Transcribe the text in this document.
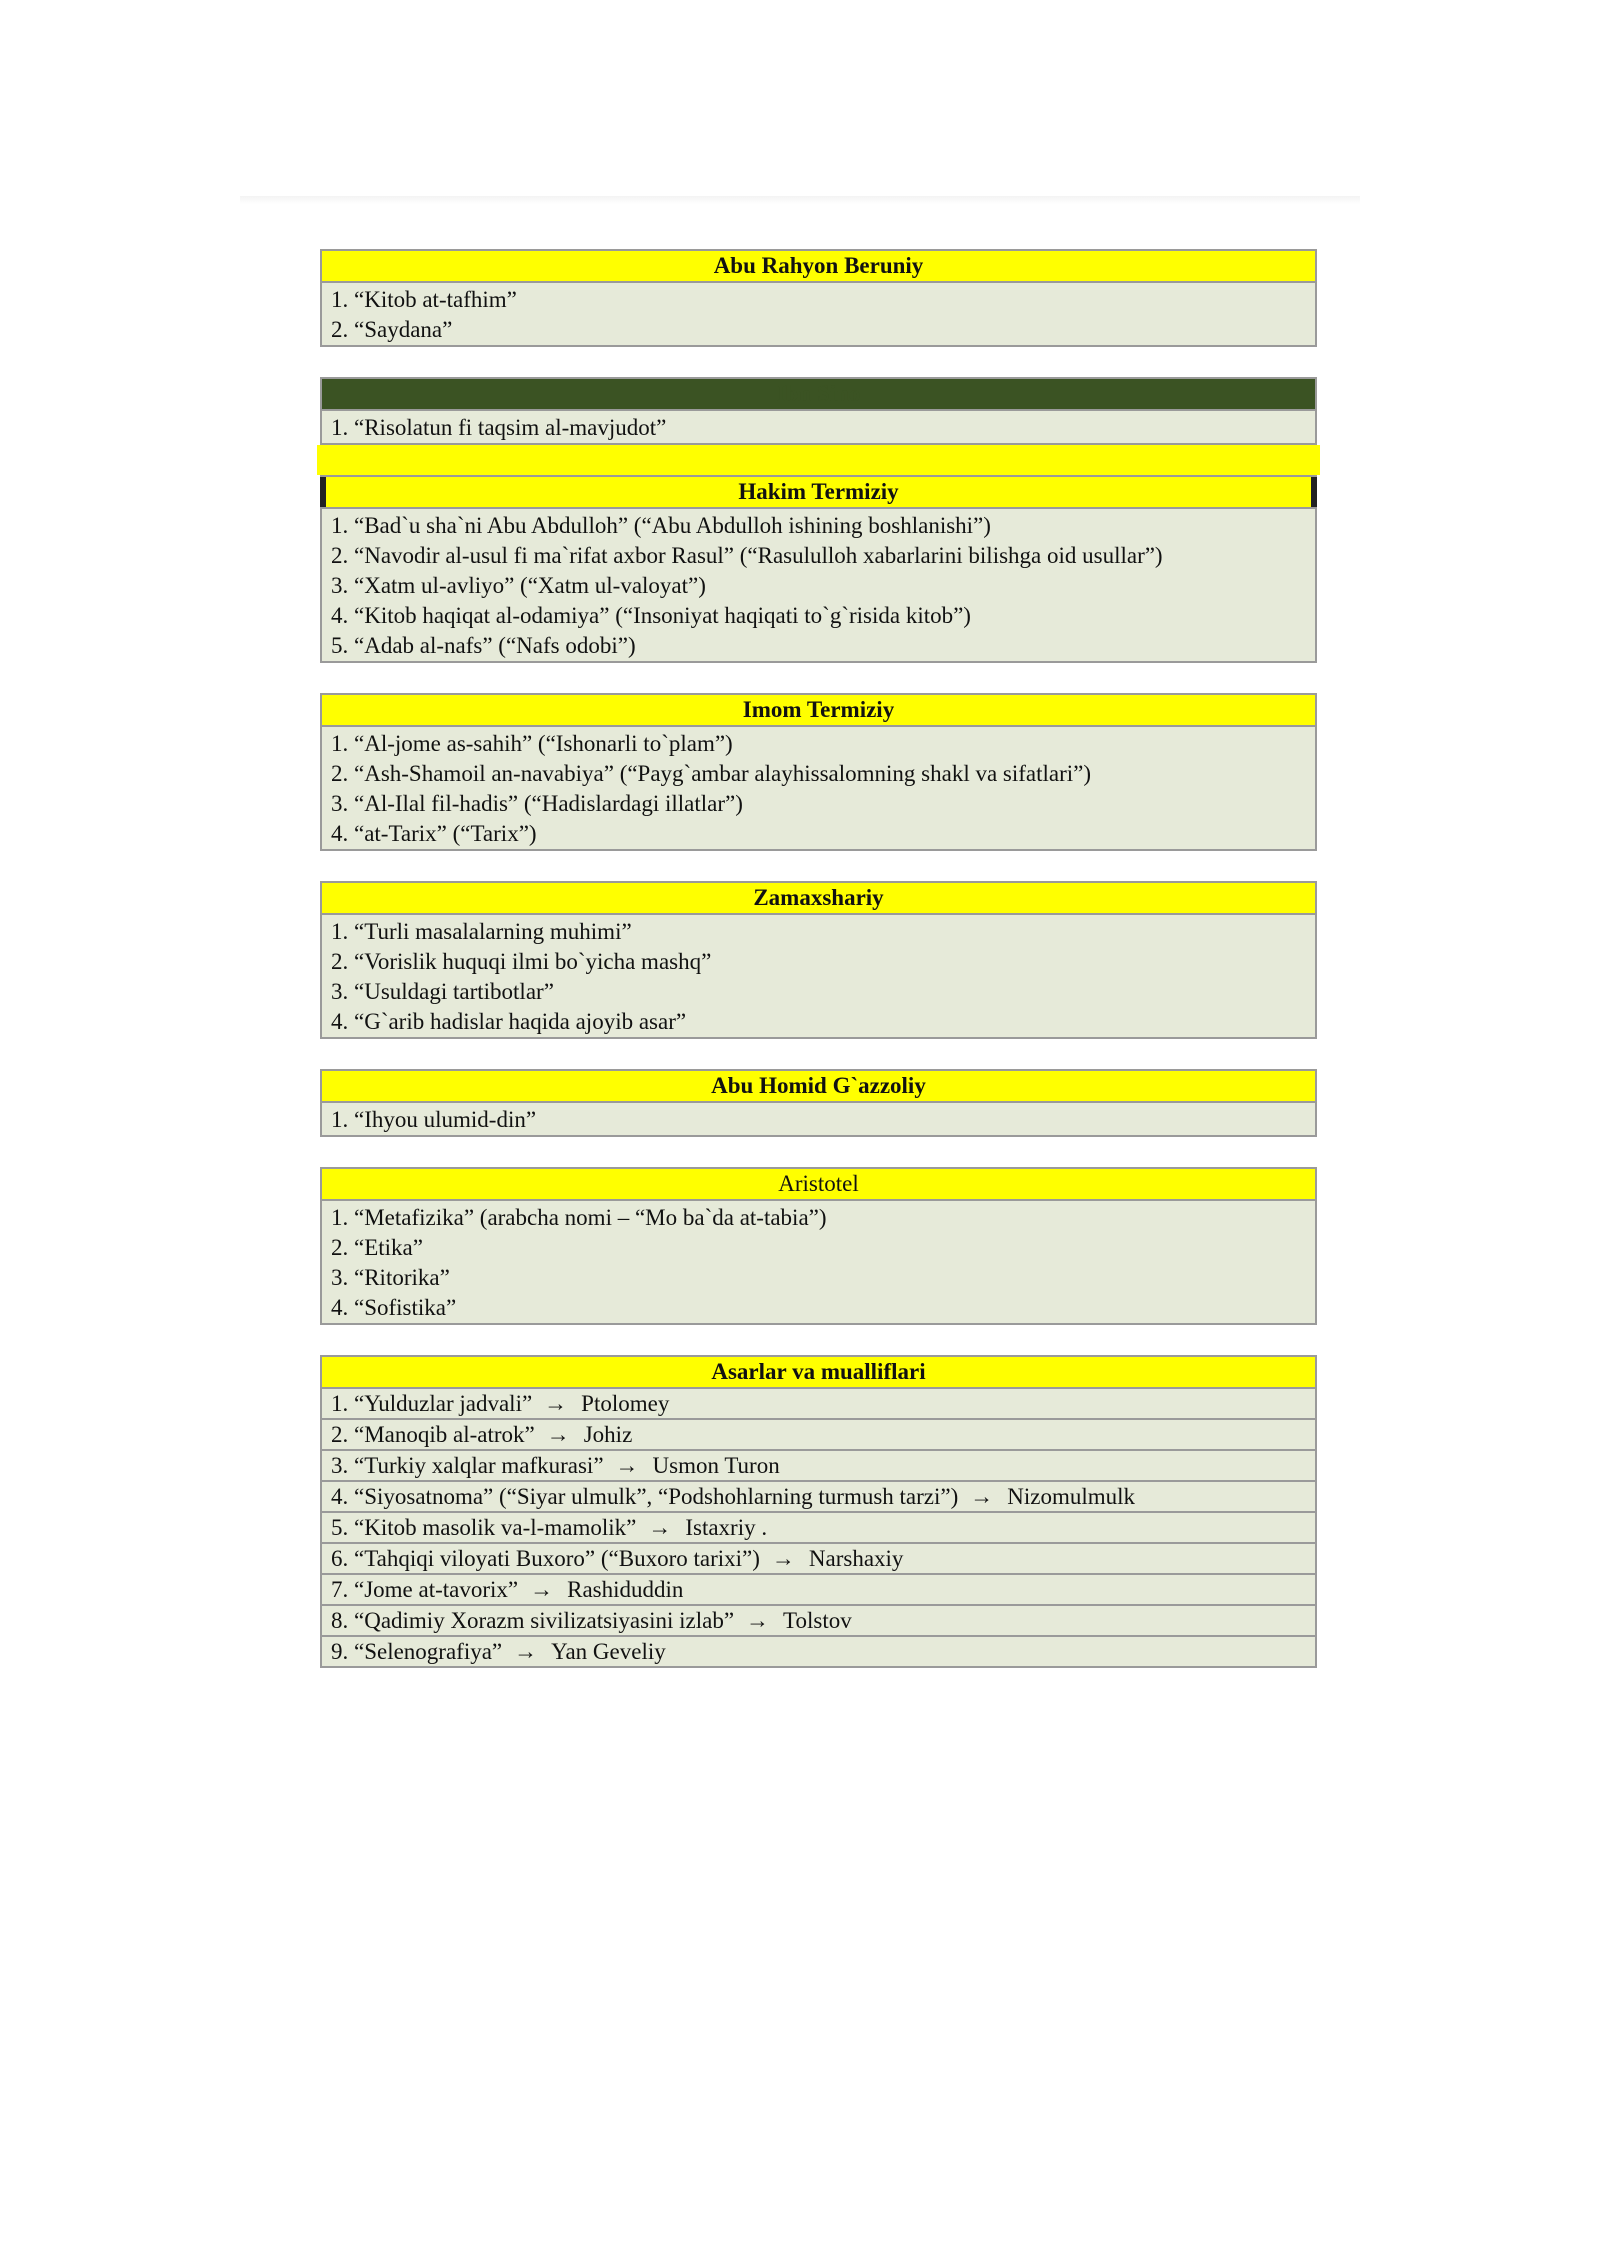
Abu Rahyon Beruniy
1. “Kitob at-tafhim”
2. “Saydana”
Ibn Sino
1. “Risolatun fi taqsim al-mavjudot”
Hakim Termiziy
1. “Bad`u sha`ni Abu Abdulloh” (“Abu Abdulloh ishining boshlanishi”)
2. “Navodir al-usul fi ma`rifat axbor Rasul” (“Rasululloh xabarlarini bilishga oid usullar”)
3. “Xatm ul-avliyo” (“Xatm ul-valoyat”)
4. “Kitob haqiqat al-odamiya” (“Insoniyat haqiqati to`g`risida kitob”)
5. “Adab al-nafs” (“Nafs odobi”)
Imom Termiziy
1. “Al-jome as-sahih” (“Ishonarli to`plam”)
2. “Ash-Shamoil an-navabiya” (“Payg`ambar alayhissalomning shakl va sifatlari”)
3. “Al-Ilal fil-hadis” (“Hadislardagi illatlar”)
4. “at-Tarix” (“Tarix”)
Zamaxshariy
1. “Turli masalalarning muhimi”
2. “Vorislik huquqi ilmi bo`yicha mashq”
3. “Usuldagi tartibotlar”
4. “G`arib hadislar haqida ajoyib asar”
Abu Homid G`azzoliy
1. “Ihyou ulumid-din”
Aristotel
1. “Metafizika” (arabcha nomi – “Mo ba`da at-tabia”)
2. “Etika”
3. “Ritorika”
4. “Sofistika”
Asarlar va mualliflari
1. “Yulduzlar jadvali” → Ptolomey
2. “Manoqib al-atrok” → Johiz
3. “Turkiy xalqlar mafkurasi” → Usmon Turon
4. “Siyosatnoma” (“Siyar ulmulk”, “Podshohlarning turmush tarzi”) → Nizomulmulk
5. “Kitob masolik va-l-mamolik” → Istaxriy .
6. “Tahqiqi viloyati Buxoro” (“Buxoro tarixi”) → Narshaxiy
7. “Jome at-tavorix” → Rashiduddin
8. “Qadimiy Xorazm sivilizatsiyasini izlab” → Tolstov
9. “Selenografiya” → Yan Geveliy
